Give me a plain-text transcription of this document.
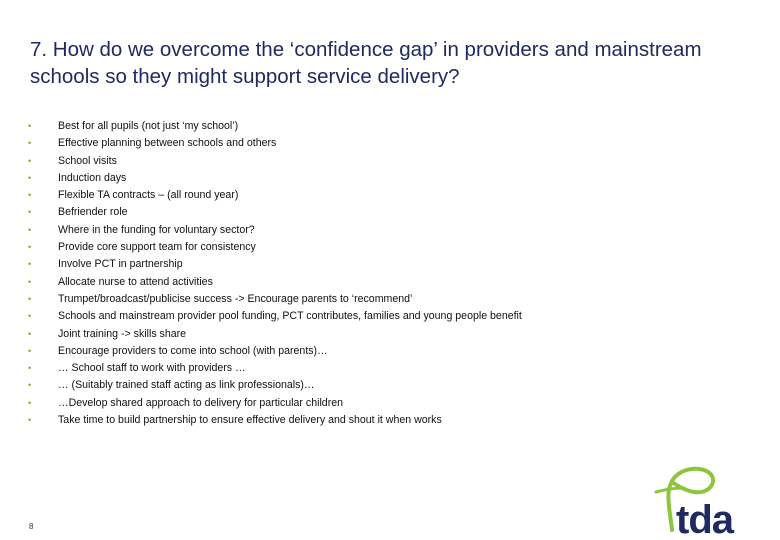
7. How do we overcome the ‘confidence gap’ in providers and mainstream schools so they might support service delivery?
•	Best for all pupils (not just ‘my school’)
•	Effective planning between schools and others
•	School visits
•	Induction days
•	Flexible TA contracts – (all round year)
•	Befriender role
•	Where in the funding for voluntary sector?
•	Provide core support team for consistency
•	Involve PCT in partnership
•	Allocate nurse to attend activities
•	Trumpet/broadcast/publicise success -> Encourage parents to ‘recommend’
•	Schools and mainstream provider pool funding, PCT contributes, families and young people benefit
•	Joint training -> skills share
•	Encourage providers to come into school (with parents)…
•	… School staff to work with providers …
•	… (Suitably trained staff acting as link professionals)…
•	…Develop shared approach to delivery for particular children
•	Take time to build partnership to ensure effective delivery and shout it when works
8	tda
